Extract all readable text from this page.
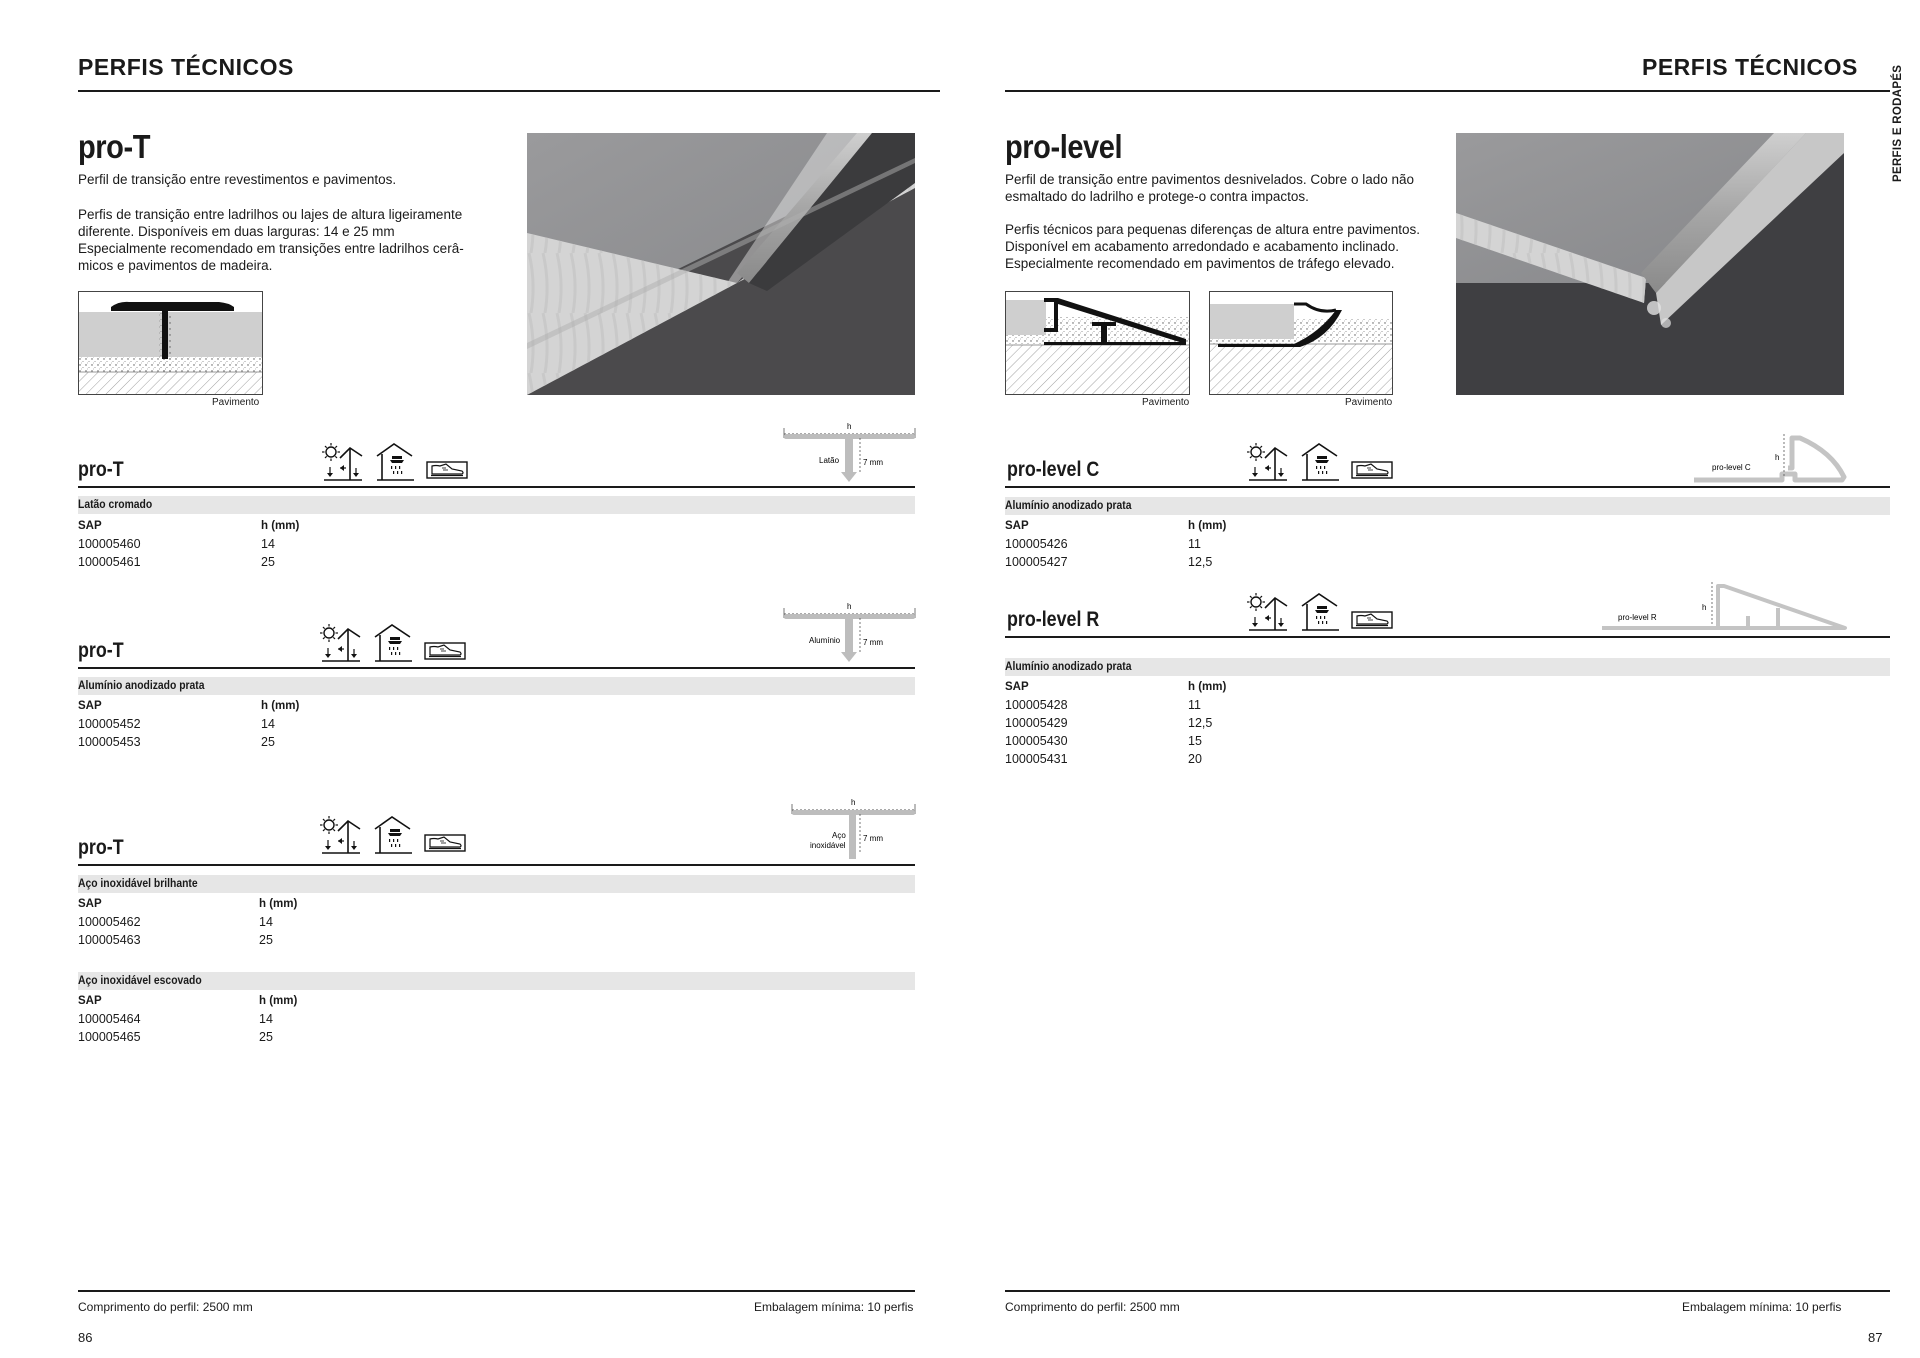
PERFIS TÉCNICOS
pro-T
Perfil de transição entre revestimentos e pavimentos.
Perfis de transição entre ladrilhos ou lajes de altura ligeiramente
diferente. Disponíveis em duas larguras: 14 e 25 mm
Especialmente recomendado em transições entre ladrilhos cerâ-
micos e pavimentos de madeira.
Pavimento
pro-T
h
Latão	7 mm
Latão cromado
SAP	h (mm)
100005460	14
100005461	25
pro-T
h
Alumínio	7 mm
Alumínio anodizado prata
SAP	h (mm)
100005452	14
100005453	25
pro-T
h
Aço
inoxidável
7 mm
Aço inoxidável brilhante
SAP	h (mm)
100005462	14
100005463	25
Aço inoxidável escovado
SAP	h (mm)
100005464	14
100005465	25
Comprimento do perfil: 2500 mm	Embalagem mínima: 10 perfis
86
PERFIS TÉCNICOS
pro-level
Perfil de transição entre pavimentos desnivelados. Cobre o lado não
esmaltado do ladrilho e protege-o contra impactos.
Perfis técnicos para pequenas diferenças de altura entre pavimentos.
Disponível em acabamento arredondado e acabamento inclinado.
Especialmente recomendado em pavimentos de tráfego elevado.
Pavimento	Pavimento
pro-level C
h
pro-level C
Alumínio anodizado prata
SAP	h (mm)
100005426	11
100005427	12,5
pro-level R
h
pro-level R
Alumínio anodizado prata
SAP	h (mm)
100005428	11
100005429	12,5
100005430	15
100005431	20
Comprimento do perfil: 2500 mm	Embalagem mínima: 10 perfis
87
PERFIS E RODAPÉS
